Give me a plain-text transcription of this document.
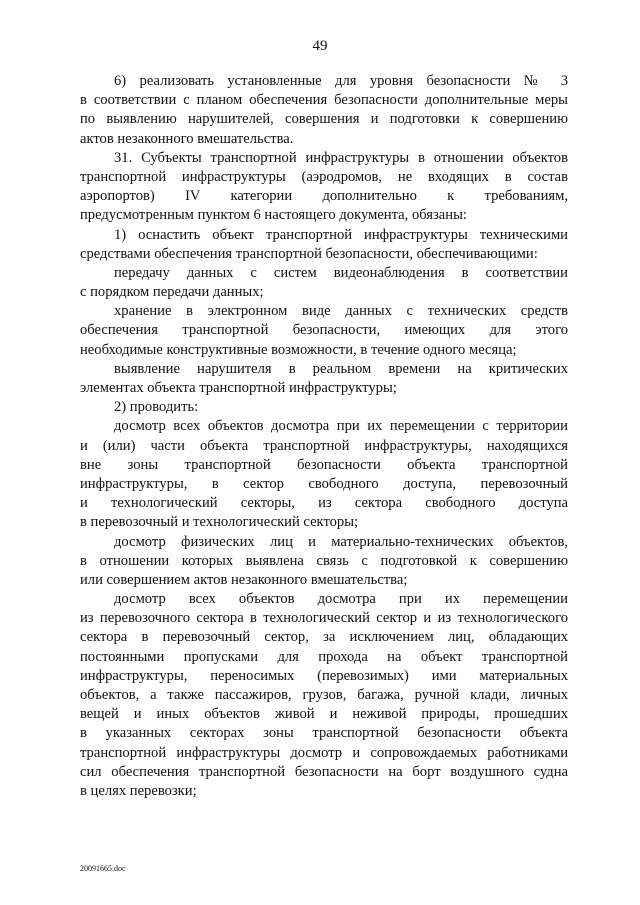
49
6) реализовать установленные для уровня безопасности № 3
в соответствии с планом обеспечения безопасности дополнительные меры
по выявлению нарушителей, совершения и подготовки к совершению
актов незаконного вмешательства.
31. Субъекты транспортной инфраструктуры в отношении объектов
транспортной инфраструктуры (аэродромов, не входящих в состав
аэропортов) IV категории дополнительно к требованиям,
предусмотренным пунктом 6 настоящего документа, обязаны:
1) оснастить объект транспортной инфраструктуры техническими
средствами обеспечения транспортной безопасности, обеспечивающими:
передачу данных с систем видеонаблюдения в соответствии
с порядком передачи данных;
хранение в электронном виде данных с технических средств
обеспечения транспортной безопасности, имеющих для этого
необходимые конструктивные возможности, в течение одного месяца;
выявление нарушителя в реальном времени на критических
элементах объекта транспортной инфраструктуры;
2) проводить:
досмотр всех объектов досмотра при их перемещении с территории
и (или) части объекта транспортной инфраструктуры, находящихся
вне зоны транспортной безопасности объекта транспортной
инфраструктуры, в сектор свободного доступа, перевозочный
и технологический секторы, из сектора свободного доступа
в перевозочный и технологический секторы;
досмотр физических лиц и материально-технических объектов,
в отношении которых выявлена связь с подготовкой к совершению
или совершением актов незаконного вмешательства;
досмотр всех объектов досмотра при их перемещении
из перевозочного сектора в технологический сектор и из технологического
сектора в перевозочный сектор, за исключением лиц, обладающих
постоянными пропусками для прохода на объект транспортной
инфраструктуры, переносимых (перевозимых) ими материальных
объектов, а также пассажиров, грузов, багажа, ручной клади, личных
вещей и иных объектов живой и неживой природы, прошедших
в указанных секторах зоны транспортной безопасности объекта
транспортной инфраструктуры досмотр и сопровождаемых работниками
сил обеспечения транспортной безопасности на борт воздушного судна
в целях перевозки;
20091665.doc
